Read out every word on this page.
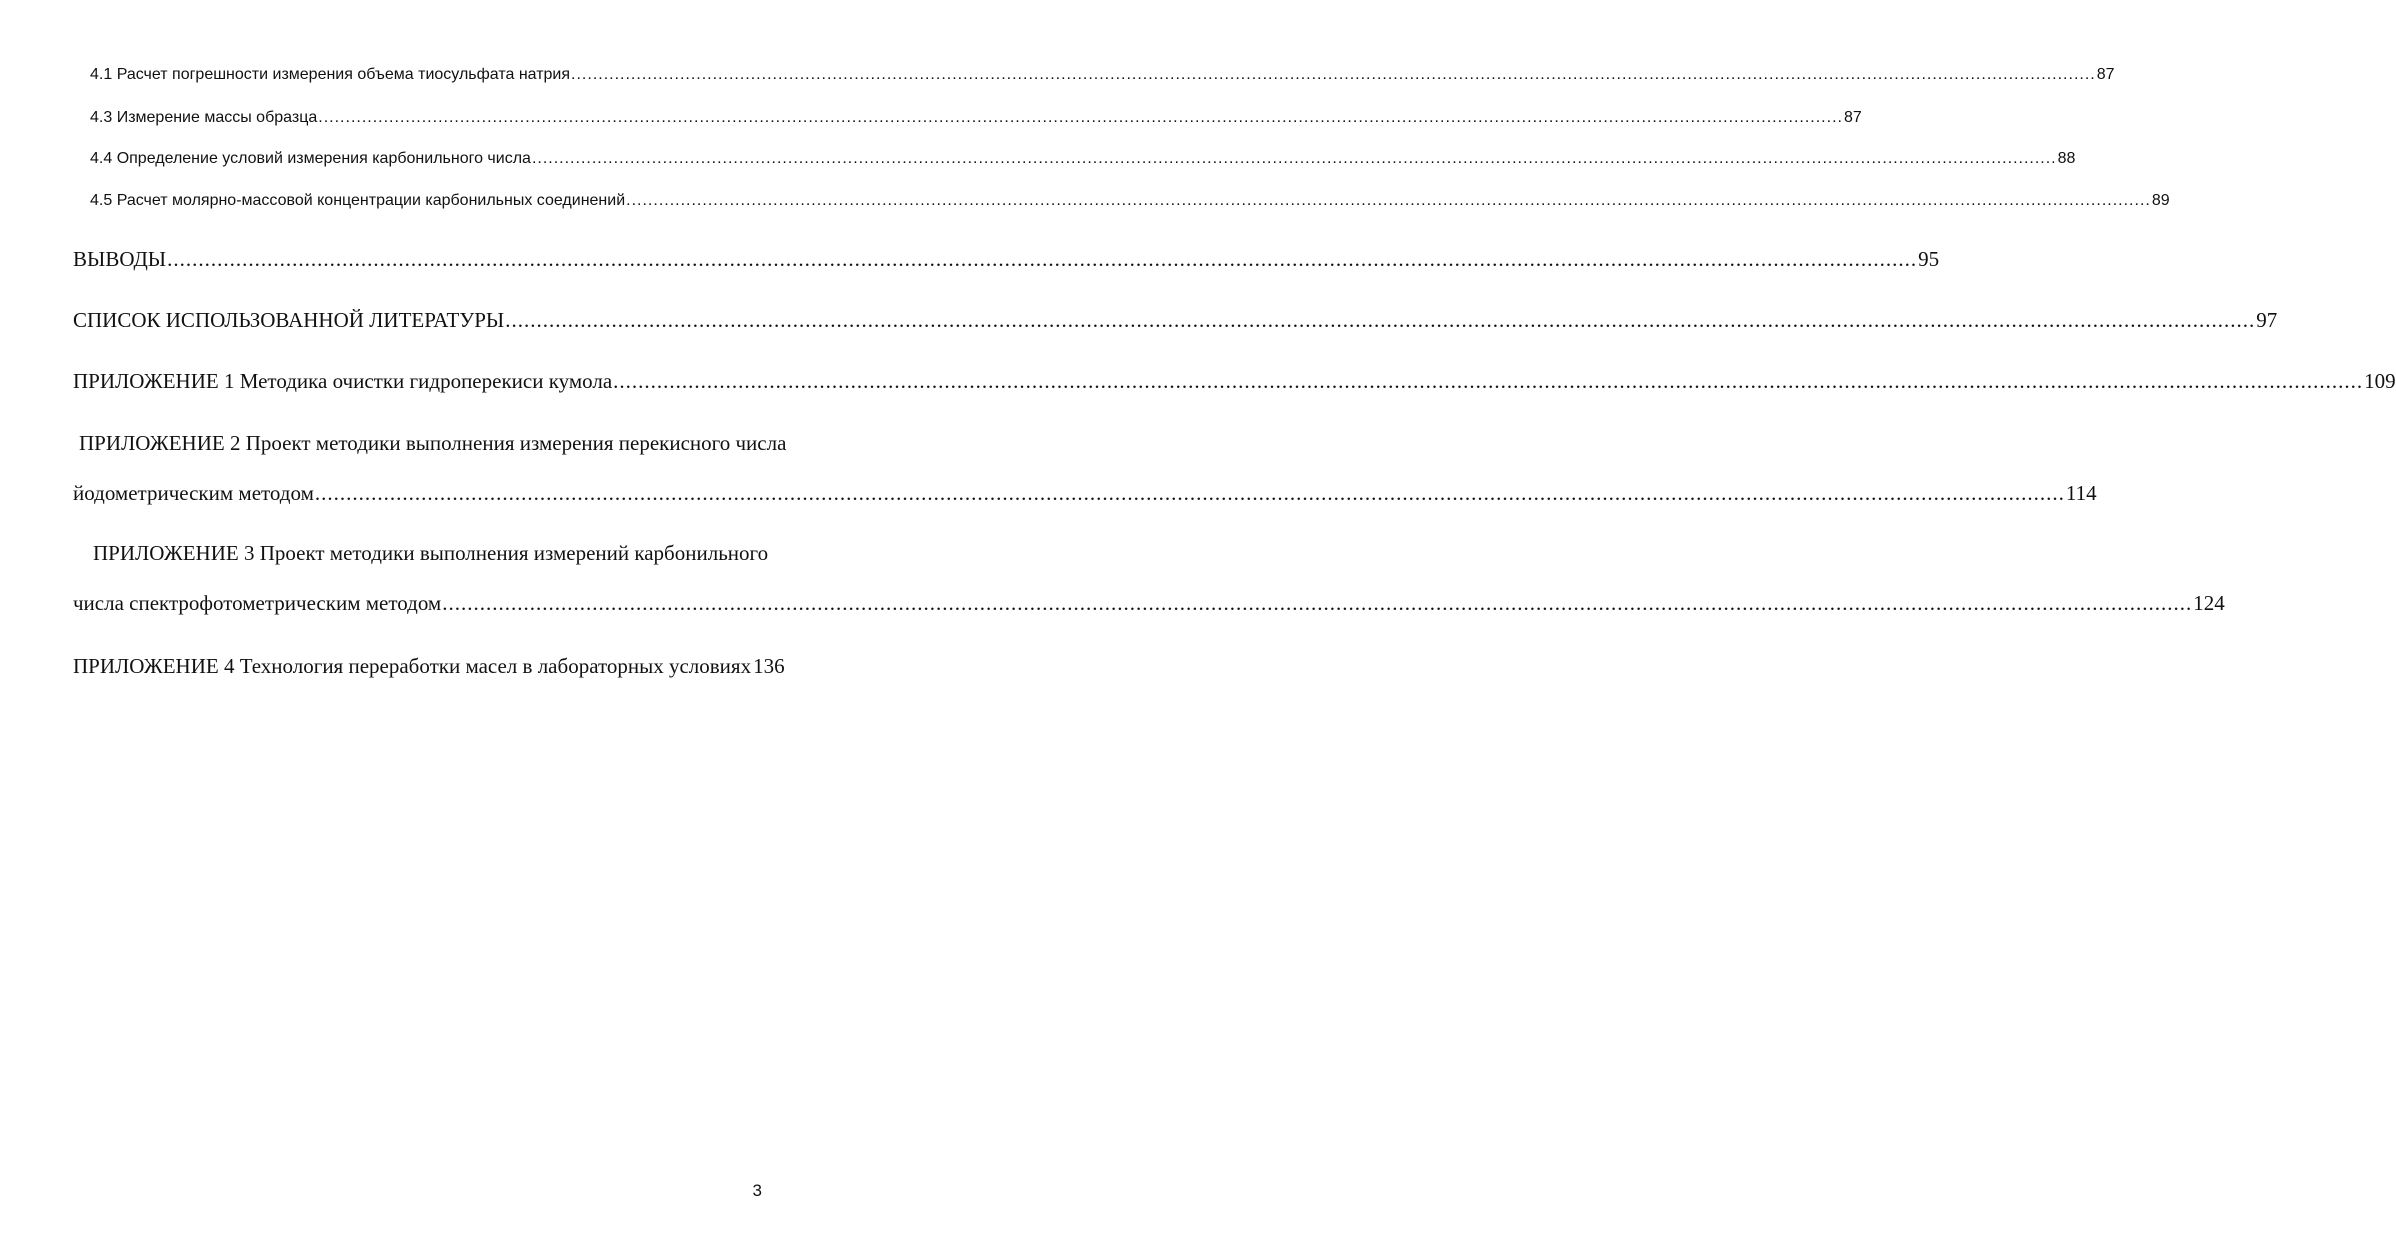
4.1 Расчет погрешности измерения объема тиосульфата натрия .....	87
4.3 Измерение массы образца .....	87
4.4 Определение условий измерения карбонильного числа .....	88
4.5 Расчет молярно-массовой концентрации карбонильных соединений .....	89
ВЫВОДЫ .....	95
СПИСОК ИСПОЛЬЗОВАННОЙ ЛИТЕРАТУРЫ .....	97
ПРИЛОЖЕНИЕ 1 Методика очистки гидроперекиси кумола .....	109
ПРИЛОЖЕНИЕ 2 Проект методики выполнения измерения перекисного числа
йодометрическим методом .....	114
ПРИЛОЖЕНИЕ 3 Проект методики выполнения измерений карбонильного
числа спектрофотометрическим методом .....	124
ПРИЛОЖЕНИЕ 4 Технология переработки масел в лабораторных условиях 136
3
